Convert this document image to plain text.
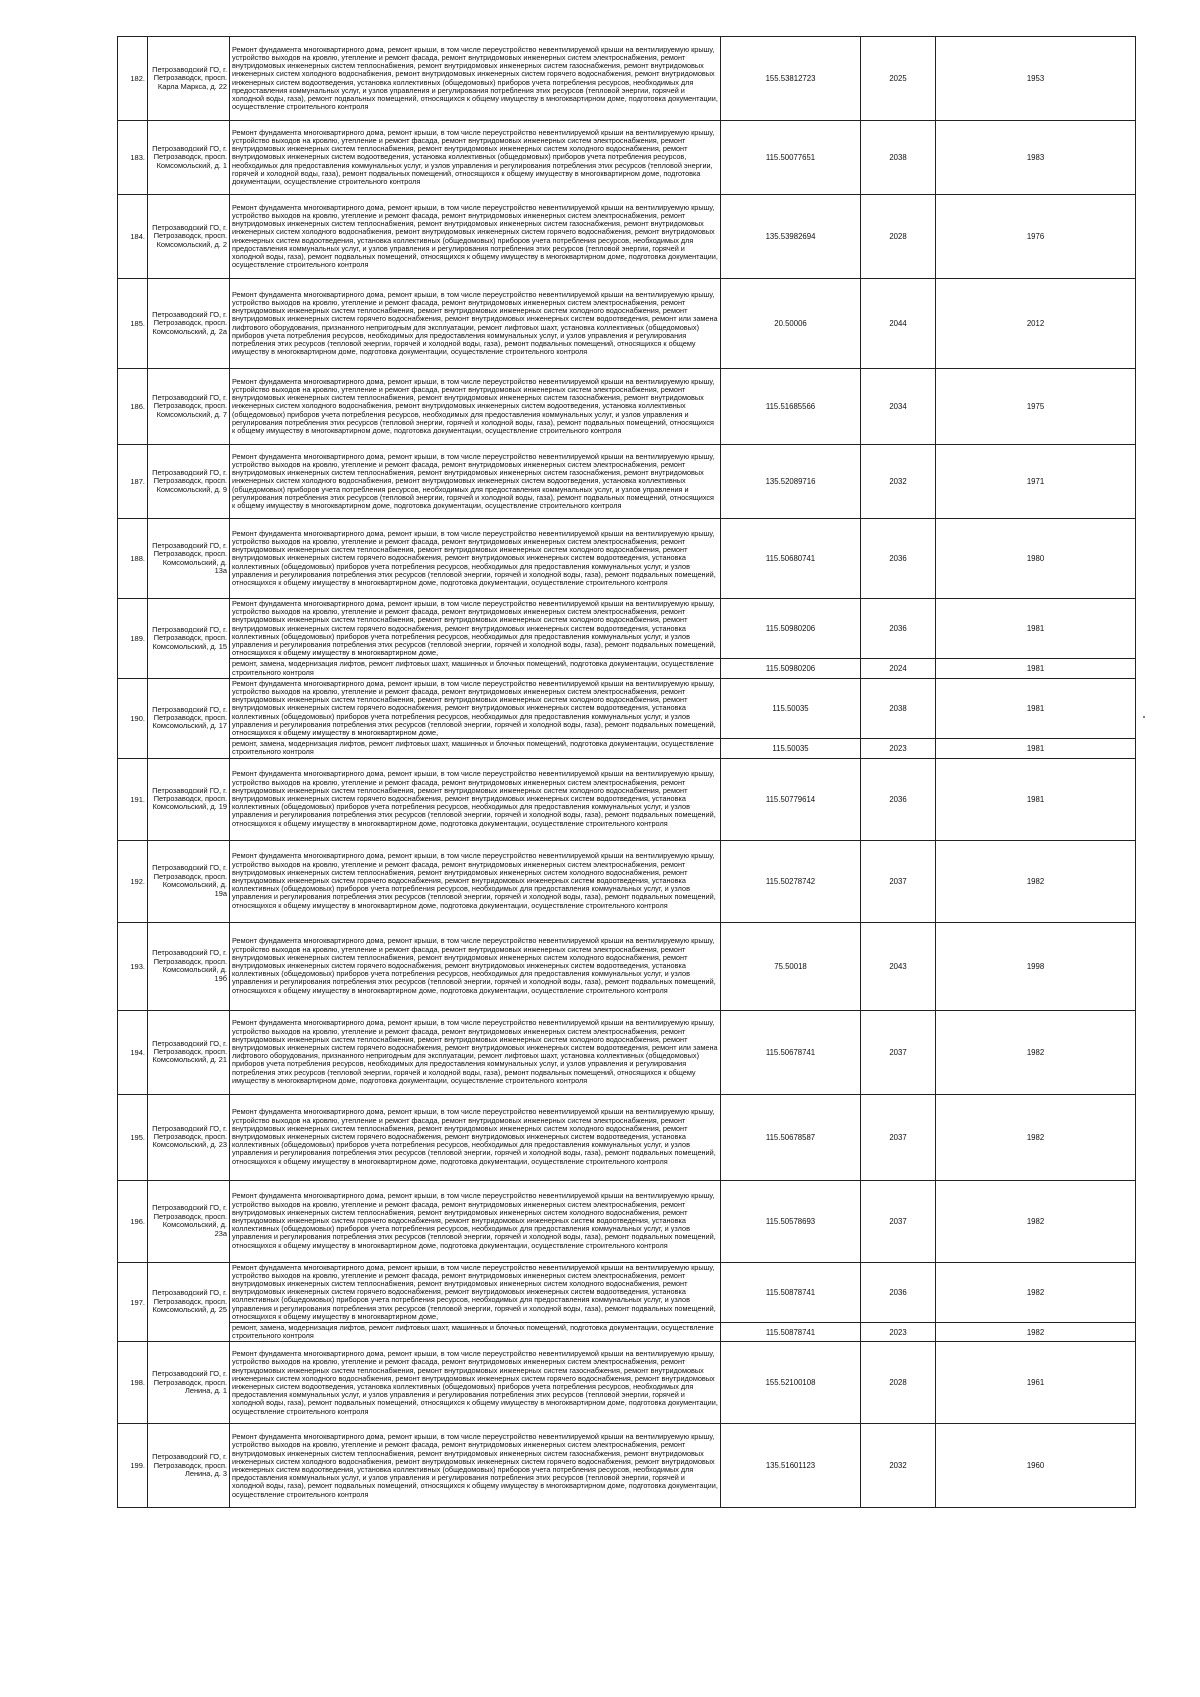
182.	Петрозаводский ГО, г. Петрозаводск, просп. Карла Маркса, д. 22	Ремонт фундамента многоквартирного дома, ремонт крыши, в том числе переустройство невентилируемой крыши на вентилируемую крышу, устройство выходов на кровлю, утепление и ремонт фасада, ремонт внутридомовых инженерных систем электроснабжения, ремонт внутридомовых инженерных систем теплоснабжения, ремонт внутридомовых инженерных систем газоснабжения, ремонт внутридомовых инженерных систем холодного водоснабжения, ремонт внутридомовых инженерных систем горячего водоснабжения, ремонт внутридомовых инженерных систем водоотведения, установка коллективных (общедомовых) приборов учета потребления ресурсов, необходимых для предоставления коммунальных услуг, и узлов управления и регулирования потребления этих ресурсов (тепловой энергии, горячей и холодной воды, газа), ремонт подвальных помещений, относящихся к общему имуществу в многоквартирном доме, подготовка документации, осуществление строительного контроля	155.53812723	2025	1953
183.	Петрозаводский ГО, г. Петрозаводск, просп. Комсомольский, д. 1	Ремонт фундамента многоквартирного дома, ремонт крыши, в том числе переустройство невентилируемой крыши на вентилируемую крышу, устройство выходов на кровлю, утепление и ремонт фасада, ремонт внутридомовых инженерных систем электроснабжения, ремонт внутридомовых инженерных систем теплоснабжения, ремонт внутридомовых инженерных систем холодного водоснабжения, ремонт внутридомовых инженерных систем водоотведения, установка коллективных (общедомовых) приборов учета потребления ресурсов, необходимых для предоставления коммунальных услуг, и узлов управления и регулирования потребления этих ресурсов (тепловой энергии, горячей и холодной воды, газа), ремонт подвальных помещений, относящихся к общему имуществу в многоквартирном доме, подготовка документации, осуществление строительного контроля	115.50077651	2038	1983
184.	Петрозаводский ГО, г. Петрозаводск, просп. Комсомольский, д. 2	Ремонт фундамента многоквартирного дома, ремонт крыши, в том числе переустройство невентилируемой крыши на вентилируемую крышу, устройство выходов на кровлю, утепление и ремонт фасада, ремонт внутридомовых инженерных систем электроснабжения, ремонт внутридомовых инженерных систем теплоснабжения, ремонт внутридомовых инженерных систем газоснабжения, ремонт внутридомовых инженерных систем холодного водоснабжения, ремонт внутридомовых инженерных систем горячего водоснабжения, ремонт внутридомовых инженерных систем водоотведения, установка коллективных (общедомовых) приборов учета потребления ресурсов, необходимых для предоставления коммунальных услуг, и узлов управления и регулирования потребления этих ресурсов (тепловой энергии, горячей и холодной воды, газа), ремонт подвальных помещений, относящихся к общему имуществу в многоквартирном доме, подготовка документации, осуществление строительного контроля	135.53982694	2028	1976
185.	Петрозаводский ГО, г. Петрозаводск, просп. Комсомольский, д. 2а	Ремонт фундамента многоквартирного дома, ремонт крыши, в том числе переустройство невентилируемой крыши на вентилируемую крышу, устройство выходов на кровлю, утепление и ремонт фасада, ремонт внутридомовых инженерных систем электроснабжения, ремонт внутридомовых инженерных систем теплоснабжения, ремонт внутридомовых инженерных систем холодного водоснабжения, ремонт внутридомовых инженерных систем горячего водоснабжения, ремонт внутридомовых инженерных систем водоотведения, ремонт или замена лифтового оборудования, признанного непригодным для эксплуатации, ремонт лифтовых шахт, установка коллективных (общедомовых) приборов учета потребления ресурсов, необходимых для предоставления коммунальных услуг, и узлов управления и регулирования потребления этих ресурсов (тепловой энергии, горячей и холодной воды, газа), ремонт подвальных помещений, относящихся к общему имуществу в многоквартирном доме, подготовка документации, осуществление строительного контроля	20.50006	2044	2012
186.	Петрозаводский ГО, г. Петрозаводск, просп. Комсомольский, д. 7	Ремонт фундамента многоквартирного дома, ремонт крыши, в том числе переустройство невентилируемой крыши на вентилируемую крышу, устройство выходов на кровлю, утепление и ремонт фасада, ремонт внутридомовых инженерных систем электроснабжения, ремонт внутридомовых инженерных систем теплоснабжения, ремонт внутридомовых инженерных систем газоснабжения, ремонт внутридомовых инженерных систем холодного водоснабжения, ремонт внутридомовых инженерных систем водоотведения, установка коллективных (общедомовых) приборов учета потребления ресурсов, необходимых для предоставления коммунальных услуг, и узлов управления и регулирования потребления этих ресурсов (тепловой энергии, горячей и холодной воды, газа), ремонт подвальных помещений, относящихся к общему имуществу в многоквартирном доме, подготовка документации, осуществление строительного контроля	115.51685566	2034	1975
187.	Петрозаводский ГО, г. Петрозаводск, просп. Комсомольский, д. 9	Ремонт фундамента многоквартирного дома, ремонт крыши, в том числе переустройство невентилируемой крыши на вентилируемую крышу, устройство выходов на кровлю, утепление и ремонт фасада, ремонт внутридомовых инженерных систем электроснабжения, ремонт внутридомовых инженерных систем теплоснабжения, ремонт внутридомовых инженерных систем газоснабжения, ремонт внутридомовых инженерных систем холодного водоснабжения, ремонт внутридомовых инженерных систем водоотведения, установка коллективных (общедомовых) приборов учета потребления ресурсов, необходимых для предоставления коммунальных услуг, и узлов управления и регулирования потребления этих ресурсов (тепловой энергии, горячей и холодной воды, газа), ремонт подвальных помещений, относящихся к общему имуществу в многоквартирном доме, подготовка документации, осуществление строительного контроля	135.52089716	2032	1971
188.	Петрозаводский ГО, г. Петрозаводск, просп. Комсомольский, д. 13а	Ремонт фундамента многоквартирного дома, ремонт крыши, в том числе переустройство невентилируемой крыши на вентилируемую крышу, устройство выходов на кровлю, утепление и ремонт фасада, ремонт внутридомовых инженерных систем электроснабжения, ремонт внутридомовых инженерных систем теплоснабжения, ремонт внутридомовых инженерных систем холодного водоснабжения, ремонт внутридомовых инженерных систем горячего водоснабжения, ремонт внутридомовых инженерных систем водоотведения, установка коллективных (общедомовых) приборов учета потребления ресурсов, необходимых для предоставления коммунальных услуг, и узлов управления и регулирования потребления этих ресурсов (тепловой энергии, горячей и холодной воды, газа), ремонт подвальных помещений, относящихся к общему имуществу в многоквартирном доме, подготовка документации, осуществление строительного контроля	115.50680741	2036	1980
189.	Петрозаводский ГО, г. Петрозаводск, просп. Комсомольский, д. 15	Ремонт фундамента многоквартирного дома, ремонт крыши, в том числе переустройство невентилируемой крыши на вентилируемую крышу, устройство выходов на кровлю, утепление и ремонт фасада, ремонт внутридомовых инженерных систем электроснабжения, ремонт внутридомовых инженерных систем теплоснабжения, ремонт внутридомовых инженерных систем холодного водоснабжения, ремонт внутридомовых инженерных систем горячего водоснабжения, ремонт внутридомовых инженерных систем водоотведения, установка коллективных (общедомовых) приборов учета потребления ресурсов, необходимых для предоставления коммунальных услуг, и узлов управления и регулирования потребления этих ресурсов (тепловой энергии, горячей и холодной воды, газа), ремонт подвальных помещений, относящихся к общему имуществу в многоквартирном доме,	115.50980206	2036	1981
		ремонт, замена, модернизация лифтов, ремонт лифтовых шахт, машинных и блочных помещений, подготовка документации, осуществление строительного контроля	115.50980206	2024	1981
190.	Петрозаводский ГО, г. Петрозаводск, просп. Комсомольский, д. 17	Ремонт фундамента многоквартирного дома, ремонт крыши, в том числе переустройство невентилируемой крыши на вентилируемую крышу, устройство выходов на кровлю, утепление и ремонт фасада, ремонт внутридомовых инженерных систем электроснабжения, ремонт внутридомовых инженерных систем теплоснабжения, ремонт внутридомовых инженерных систем холодного водоснабжения, ремонт внутридомовых инженерных систем горячего водоснабжения, ремонт внутридомовых инженерных систем водоотведения, установка коллективных (общедомовых) приборов учета потребления ресурсов, необходимых для предоставления коммунальных услуг, и узлов управления и регулирования потребления этих ресурсов (тепловой энергии, горячей и холодной воды, газа), ремонт подвальных помещений, относящихся к общему имуществу в многоквартирном доме,	115.50035	2038	1981
		ремонт, замена, модернизация лифтов, ремонт лифтовых шахт, машинных и блочных помещений, подготовка документации, осуществление строительного контроля	115.50035	2023	1981
191.	Петрозаводский ГО, г. Петрозаводск, просп. Комсомольский, д. 19	Ремонт фундамента многоквартирного дома, ремонт крыши, в том числе переустройство невентилируемой крыши на вентилируемую крышу, устройство выходов на кровлю, утепление и ремонт фасада, ремонт внутридомовых инженерных систем электроснабжения, ремонт внутридомовых инженерных систем теплоснабжения, ремонт внутридомовых инженерных систем холодного водоснабжения, ремонт внутридомовых инженерных систем горячего водоснабжения, ремонт внутридомовых инженерных систем водоотведения, установка коллективных (общедомовых) приборов учета потребления ресурсов, необходимых для предоставления коммунальных услуг, и узлов управления и регулирования потребления этих ресурсов (тепловой энергии, горячей и холодной воды, газа), ремонт подвальных помещений, относящихся к общему имуществу в многоквартирном доме, подготовка документации, осуществление строительного контроля	115.50779614	2036	1981
192.	Петрозаводский ГО, г. Петрозаводск, просп. Комсомольский, д. 19а	Ремонт фундамента многоквартирного дома, ремонт крыши, в том числе переустройство невентилируемой крыши на вентилируемую крышу, устройство выходов на кровлю, утепление и ремонт фасада, ремонт внутридомовых инженерных систем электроснабжения, ремонт внутридомовых инженерных систем теплоснабжения, ремонт внутридомовых инженерных систем холодного водоснабжения, ремонт внутридомовых инженерных систем горячего водоснабжения, ремонт внутридомовых инженерных систем водоотведения, установка коллективных (общедомовых) приборов учета потребления ресурсов, необходимых для предоставления коммунальных услуг, и узлов управления и регулирования потребления этих ресурсов (тепловой энергии, горячей и холодной воды, газа), ремонт подвальных помещений, относящихся к общему имуществу в многоквартирном доме, подготовка документации, осуществление строительного контроля	115.50278742	2037	1982
193.	Петрозаводский ГО, г. Петрозаводск, просп. Комсомольский, д. 19б	Ремонт фундамента многоквартирного дома, ремонт крыши, в том числе переустройство невентилируемой крыши на вентилируемую крышу, устройство выходов на кровлю, утепление и ремонт фасада, ремонт внутридомовых инженерных систем электроснабжения, ремонт внутридомовых инженерных систем теплоснабжения, ремонт внутридомовых инженерных систем холодного водоснабжения, ремонт внутридомовых инженерных систем горячего водоснабжения, ремонт внутридомовых инженерных систем водоотведения, установка коллективных (общедомовых) приборов учета потребления ресурсов, необходимых для предоставления коммунальных услуг, и узлов управления и регулирования потребления этих ресурсов (тепловой энергии, горячей и холодной воды, газа), ремонт подвальных помещений, относящихся к общему имуществу в многоквартирном доме, подготовка документации, осуществление строительного контроля	75.50018	2043	1998
194.	Петрозаводский ГО, г. Петрозаводск, просп. Комсомольский, д. 21	Ремонт фундамента многоквартирного дома, ремонт крыши, в том числе переустройство невентилируемой крыши на вентилируемую крышу, устройство выходов на кровлю, утепление и ремонт фасада, ремонт внутридомовых инженерных систем электроснабжения, ремонт внутридомовых инженерных систем теплоснабжения, ремонт внутридомовых инженерных систем холодного водоснабжения, ремонт внутридомовых инженерных систем горячего водоснабжения, ремонт внутридомовых инженерных систем водоотведения, ремонт или замена лифтового оборудования, признанного непригодным для эксплуатации, ремонт лифтовых шахт, установка коллективных (общедомовых) приборов учета потребления ресурсов, необходимых для предоставления коммунальных услуг, и узлов управления и регулирования потребления этих ресурсов (тепловой энергии, горячей и холодной воды, газа), ремонт подвальных помещений, относящихся к общему имуществу в многоквартирном доме, подготовка документации, осуществление строительного контроля	115.50678741	2037	1982
195.	Петрозаводский ГО, г. Петрозаводск, просп. Комсомольский, д. 23	Ремонт фундамента многоквартирного дома, ремонт крыши, в том числе переустройство невентилируемой крыши на вентилируемую крышу, устройство выходов на кровлю, утепление и ремонт фасада, ремонт внутридомовых инженерных систем электроснабжения, ремонт внутридомовых инженерных систем теплоснабжения, ремонт внутридомовых инженерных систем холодного водоснабжения, ремонт внутридомовых инженерных систем горячего водоснабжения, ремонт внутридомовых инженерных систем водоотведения, установка коллективных (общедомовых) приборов учета потребления ресурсов, необходимых для предоставления коммунальных услуг, и узлов управления и регулирования потребления этих ресурсов (тепловой энергии, горячей и холодной воды, газа), ремонт подвальных помещений, относящихся к общему имуществу в многоквартирном доме, подготовка документации, осуществление строительного контроля	115.50678587	2037	1982
196.	Петрозаводский ГО, г. Петрозаводск, просп. Комсомольский, д. 23а	Ремонт фундамента многоквартирного дома, ремонт крыши, в том числе переустройство невентилируемой крыши на вентилируемую крышу, устройство выходов на кровлю, утепление и ремонт фасада, ремонт внутридомовых инженерных систем электроснабжения, ремонт внутридомовых инженерных систем теплоснабжения, ремонт внутридомовых инженерных систем холодного водоснабжения, ремонт внутридомовых инженерных систем горячего водоснабжения, ремонт внутридомовых инженерных систем водоотведения, установка коллективных (общедомовых) приборов учета потребления ресурсов, необходимых для предоставления коммунальных услуг, и узлов управления и регулирования потребления этих ресурсов (тепловой энергии, горячей и холодной воды, газа), ремонт подвальных помещений, относящихся к общему имуществу в многоквартирном доме, подготовка документации, осуществление строительного контроля	115.50578693	2037	1982
197.	Петрозаводский ГО, г. Петрозаводск, просп. Комсомольский, д. 25	Ремонт фундамента многоквартирного дома, ремонт крыши, в том числе переустройство невентилируемой крыши на вентилируемую крышу, устройство выходов на кровлю, утепление и ремонт фасада, ремонт внутридомовых инженерных систем электроснабжения, ремонт внутридомовых инженерных систем теплоснабжения, ремонт внутридомовых инженерных систем холодного водоснабжения, ремонт внутридомовых инженерных систем горячего водоснабжения, ремонт внутридомовых инженерных систем водоотведения, установка коллективных (общедомовых) приборов учета потребления ресурсов, необходимых для предоставления коммунальных услуг, и узлов управления и регулирования потребления этих ресурсов (тепловой энергии, горячей и холодной воды, газа), ремонт подвальных помещений, относящихся к общему имуществу в многоквартирном доме,	115.50878741	2036	1982
		ремонт, замена, модернизация лифтов, ремонт лифтовых шахт, машинных и блочных помещений, подготовка документации, осуществление строительного контроля	115.50878741	2023	1982
198.	Петрозаводский ГО, г. Петрозаводск, просп. Ленина, д. 1	Ремонт фундамента многоквартирного дома, ремонт крыши, в том числе переустройство невентилируемой крыши на вентилируемую крышу, устройство выходов на кровлю, утепление и ремонт фасада, ремонт внутридомовых инженерных систем электроснабжения, ремонт внутридомовых инженерных систем теплоснабжения, ремонт внутридомовых инженерных систем газоснабжения, ремонт внутридомовых инженерных систем холодного водоснабжения, ремонт внутридомовых инженерных систем горячего водоснабжения, ремонт внутридомовых инженерных систем водоотведения, установка коллективных (общедомовых) приборов учета потребления ресурсов, необходимых для предоставления коммунальных услуг, и узлов управления и регулирования потребления этих ресурсов (тепловой энергии, горячей и холодной воды, газа), ремонт подвальных помещений, относящихся к общему имуществу в многоквартирном доме, подготовка документации, осуществление строительного контроля	155.52100108	2028	1961
199.	Петрозаводский ГО, г. Петрозаводск, просп. Ленина, д. 3	Ремонт фундамента многоквартирного дома, ремонт крыши, в том числе переустройство невентилируемой крыши на вентилируемую крышу, устройство выходов на кровлю, утепление и ремонт фасада, ремонт внутридомовых инженерных систем электроснабжения, ремонт внутридомовых инженерных систем теплоснабжения, ремонт внутридомовых инженерных систем газоснабжения, ремонт внутридомовых инженерных систем холодного водоснабжения, ремонт внутридомовых инженерных систем горячего водоснабжения, ремонт внутридомовых инженерных систем водоотведения, установка коллективных (общедомовых) приборов учета потребления ресурсов, необходимых для предоставления коммунальных услуг, и узлов управления и регулирования потребления этих ресурсов (тепловой энергии, горячей и холодной воды, газа), ремонт подвальных помещений, относящихся к общему имуществу в многоквартирном доме, подготовка документации, осуществление строительного контроля	135.51601123	2032	1960
